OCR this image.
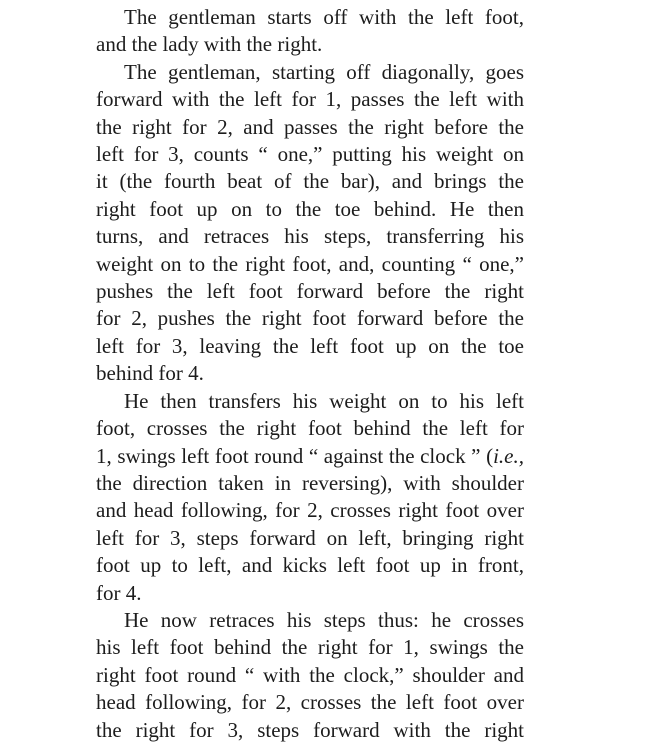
The gentleman starts off with the left foot,
and the lady with the right.
The gentleman, starting off diagonally, goes
forward with the left for 1, passes the left with
the right for 2, and passes the right before the
left for 3, counts “ one,” putting his weight on
it (the fourth beat of the bar), and brings the
right foot up on to the toe behind. He then
turns, and retraces his steps, transferring his
weight on to the right foot, and, counting “ one,”
pushes the left foot forward before the right
for 2, pushes the right foot forward before the
left for 3, leaving the left foot up on the toe
behind for 4.
He then transfers his weight on to his left
foot, crosses the right foot behind the left for
1, swings left foot round “ against the clock ” (i.e.,
the direction taken in reversing), with shoulder
and head following, for 2, crosses right foot over
left for 3, steps forward on left, bringing right
foot up to left, and kicks left foot up in front,
for 4.
He now retraces his steps thus: he crosses
his left foot behind the right for 1, swings the
right foot round “ with the clock,” shoulder and
head following, for 2, crosses the left foot over
the right for 3, steps forward with the right
